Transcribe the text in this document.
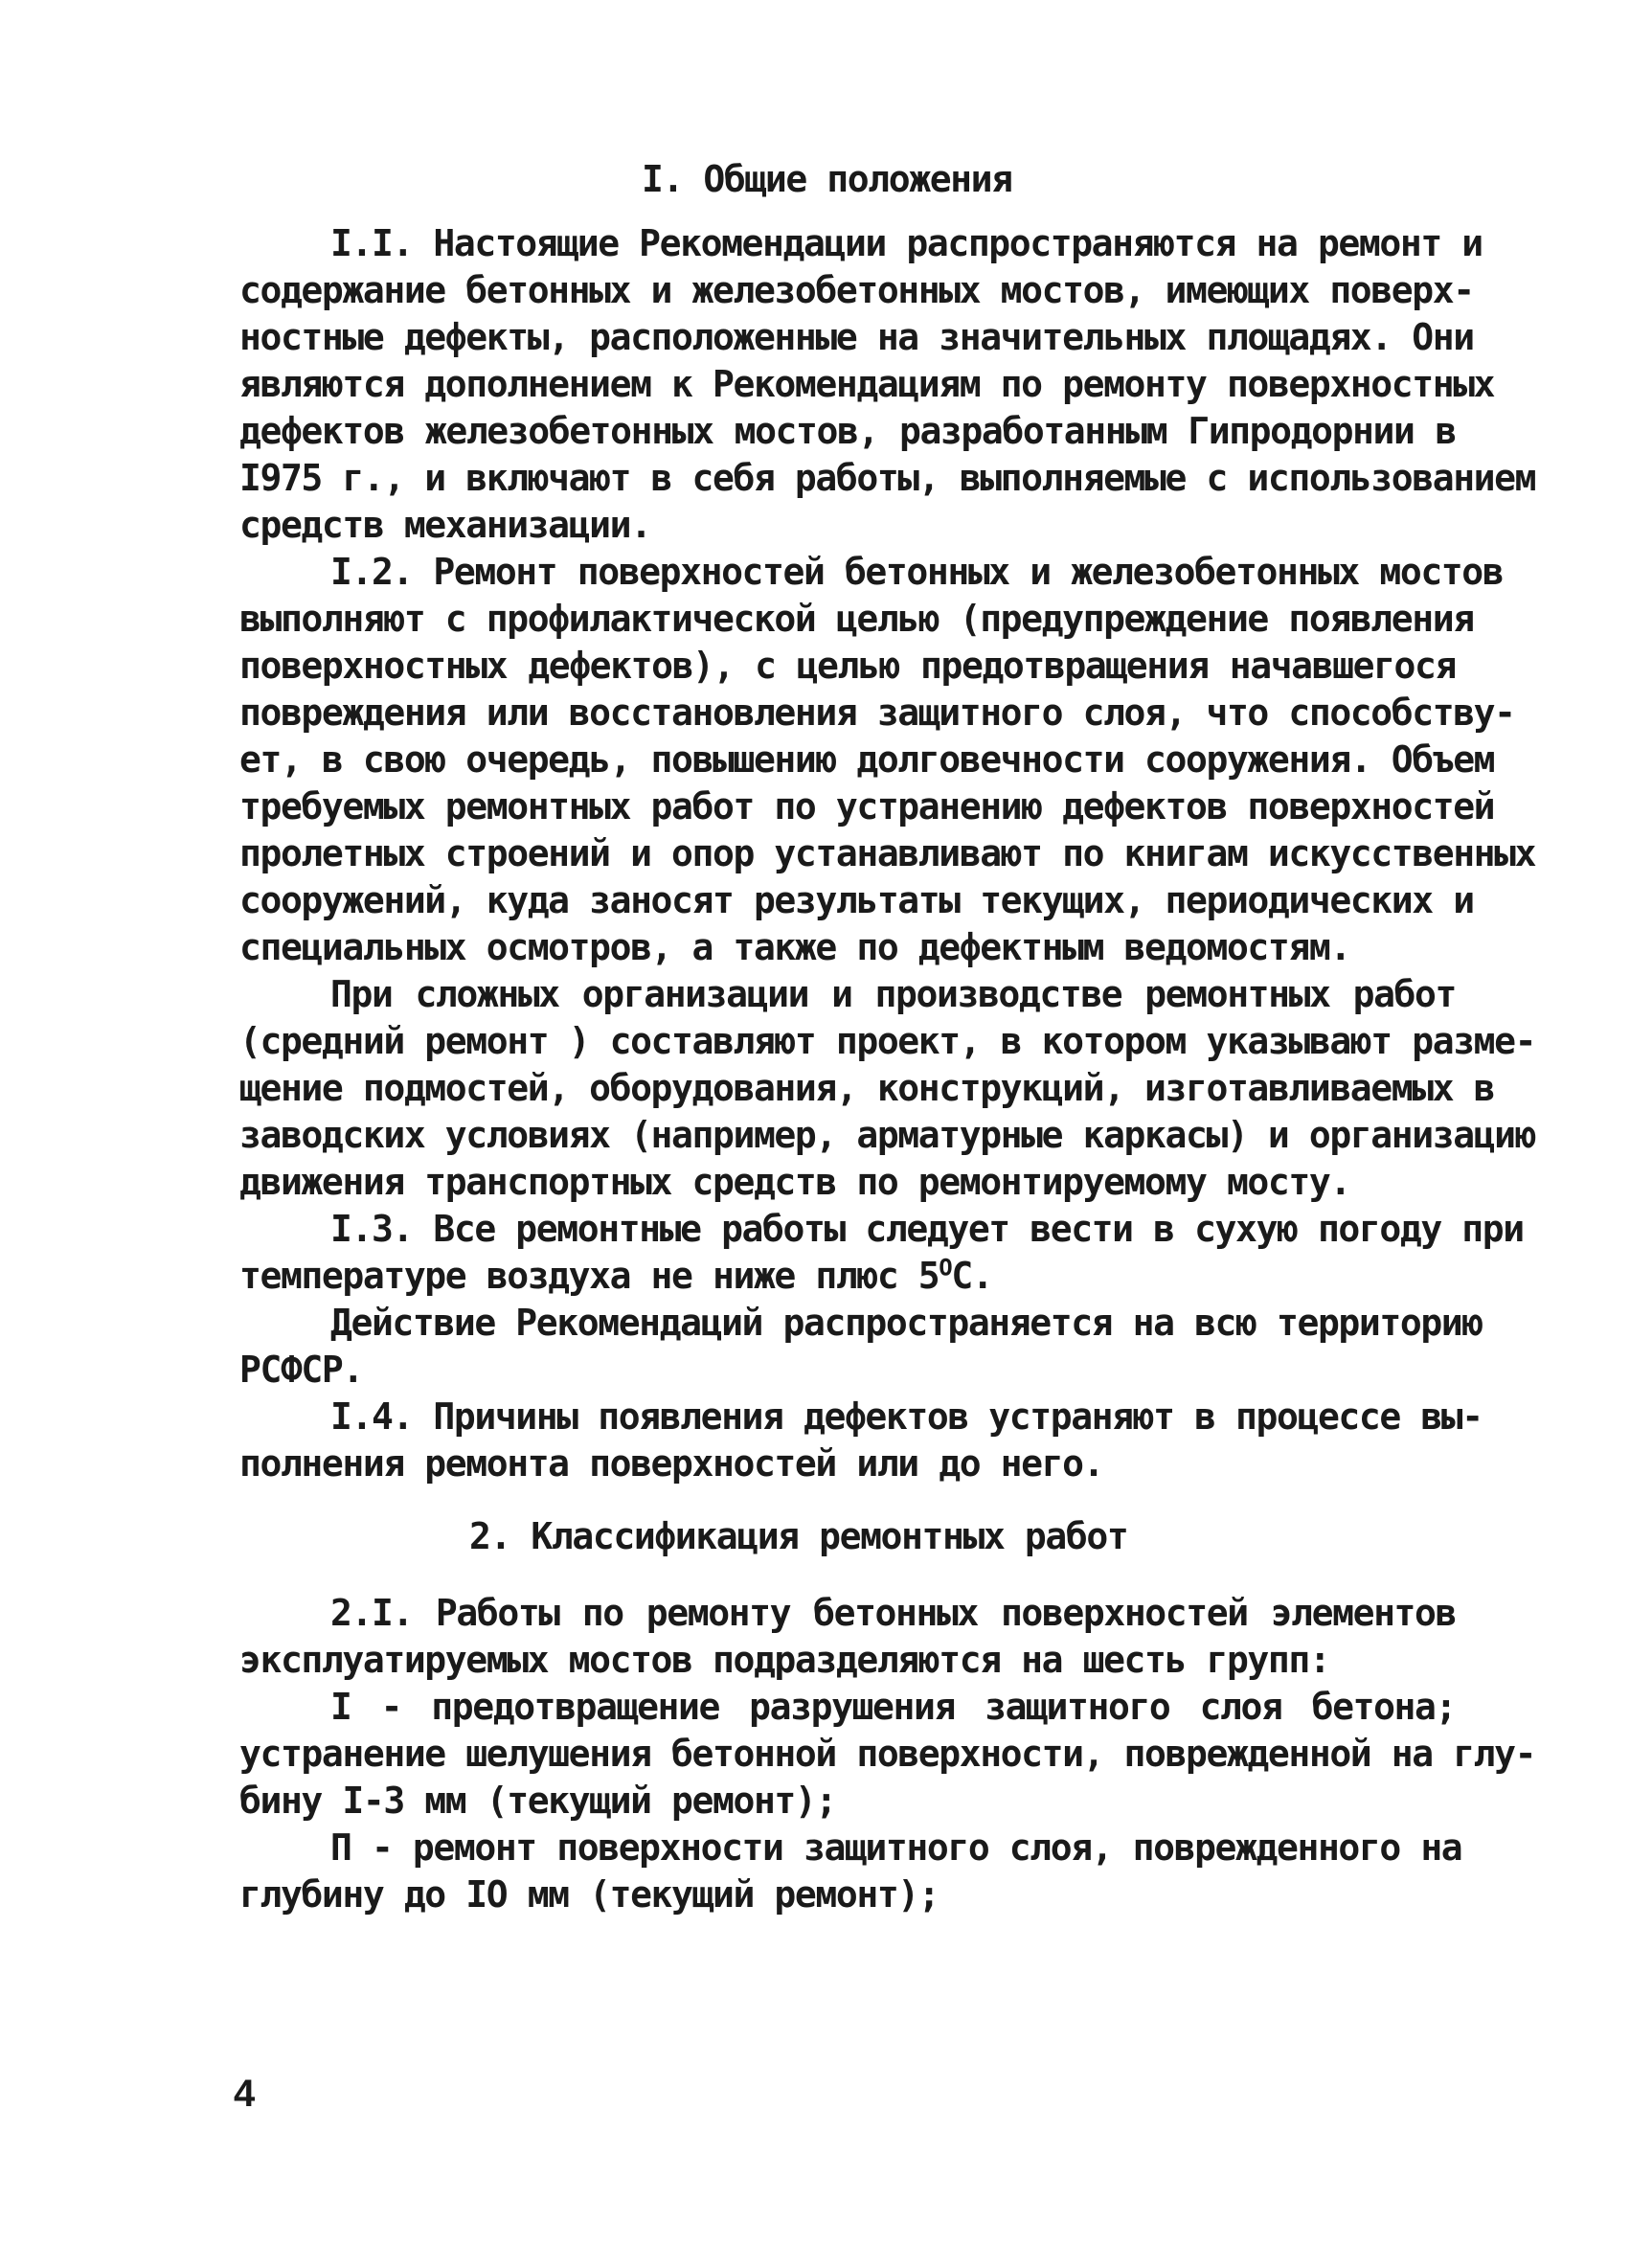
I. Общие положения
I.I. Настоящие Рекомендации распространяются на ремонт и
содержание бетонных и железобетонных мостов, имеющих поверх-
ностные дефекты, расположенные на значительных площадях. Они
являются дополнением к Рекомендациям по ремонту поверхностных
дефектов железобетонных мостов, разработанным Гипродорнии в
I975 г., и включают в себя работы, выполняемые с использованием
средств механизации.
I.2. Ремонт поверхностей бетонных и железобетонных мостов
выполняют с профилактической целью (предупреждение появления
поверхностных дефектов), с целью предотвращения начавшегося
повреждения или восстановления защитного слоя, что способству-
ет, в свою очередь, повышению долговечности сооружения. Объем
требуемых ремонтных работ по устранению дефектов поверхностей
пролетных строений и опор устанавливают по книгам искусственных
сооружений, куда заносят результаты текущих, периодических и
специальных осмотров, а также по дефектным ведомостям.
При сложных организации и производстве ремонтных работ
(средний ремонт ) составляют проект, в котором указывают разме-
щение подмостей, оборудования, конструкций, изготавливаемых в
заводских условиях (например, арматурные каркасы) и организацию
движения транспортных средств по ремонтируемому мосту.
I.3. Все ремонтные работы следует вести в сухую погоду при
температуре воздуха не ниже плюс $5^OС$.
Действие Рекомендаций распространяется на всю территорию
РСФСР.
I.4. Причины появления дефектов устраняют в процессе вы-
полнения ремонта поверхностей или до него.
2. Классификация ремонтных работ
2.I. Работы по ремонту бетонных поверхностей элементов
эксплуатируемых мостов подразделяются на шесть групп:
I - предотвращение разрушения защитного слоя бетона;
устранение шелушения бетонной поверхности, поврежденной на глу-
бину I-3 мм (текущий ремонт);
П - ремонт поверхности защитного слоя, поврежденного на
глубину до IO мм (текущий ремонт);
4
